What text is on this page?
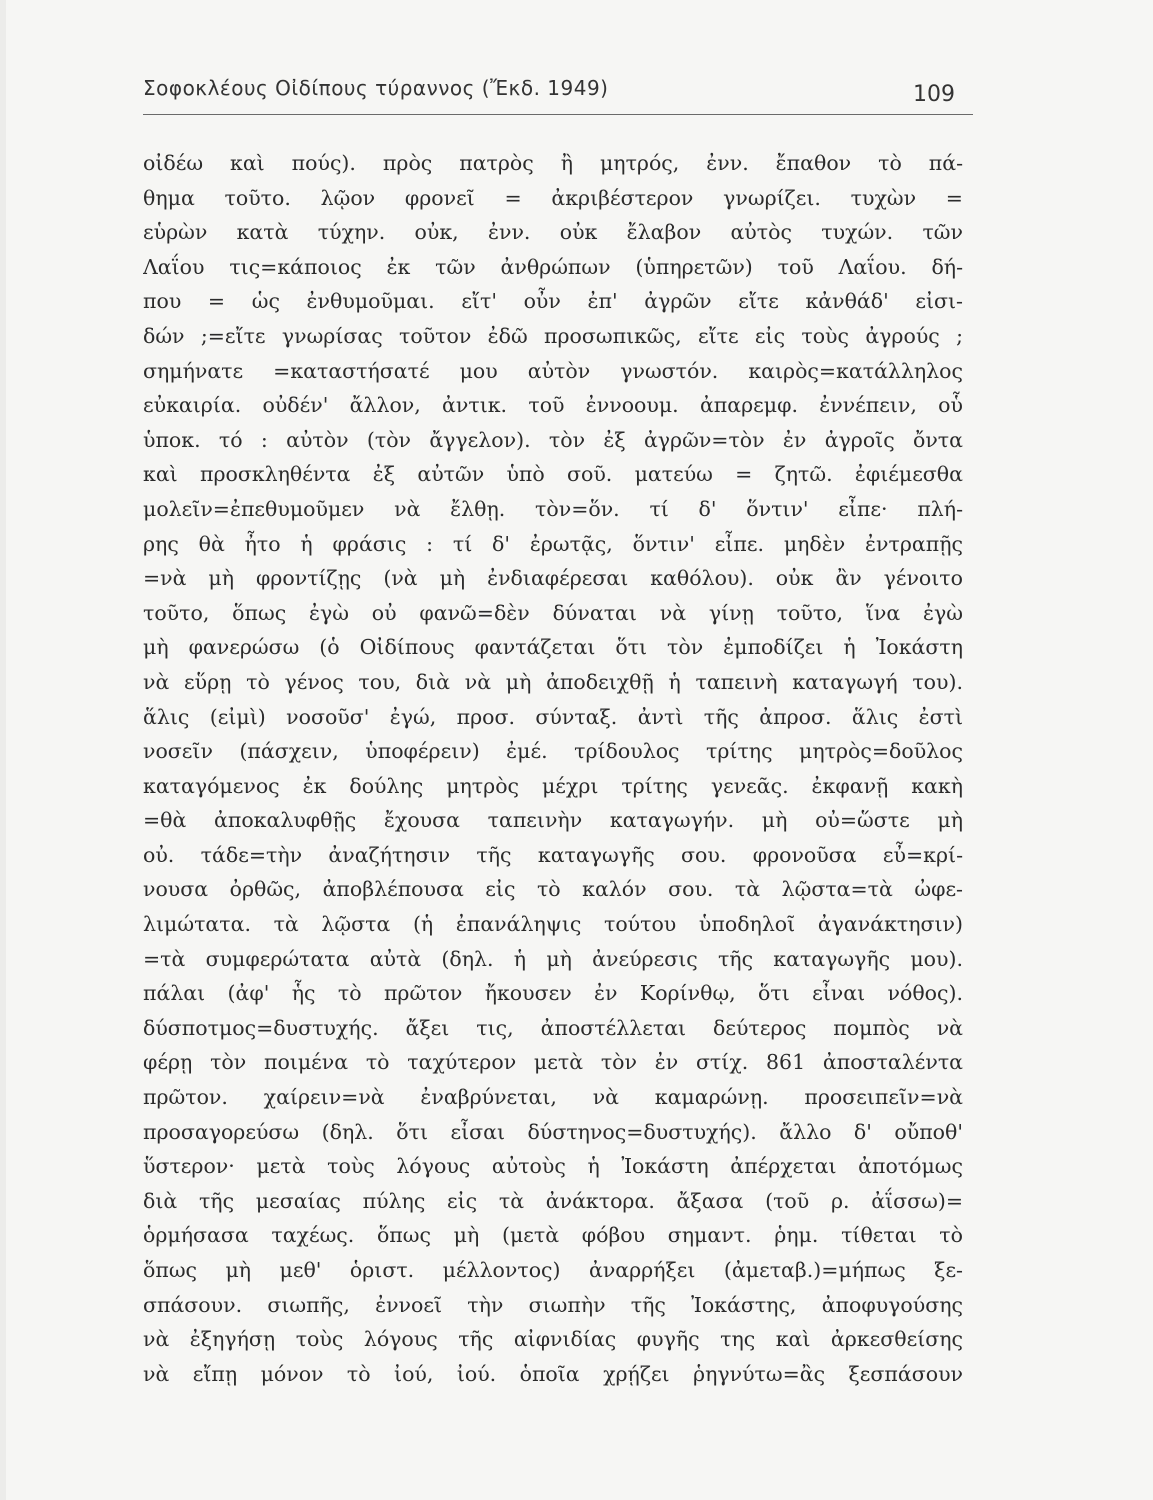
Σοφοκλέους Οἰδίπους τύραννος (Ἔκδ. 1949)	109
οἰδέω καὶ πούς). πρὸς πατρὸς ἢ μητρός, ἐνν. ἔπαθον τὸ πά-
θημα τοῦτο. λῷον φρονεῖ = ἀκριβέστερον γνωρίζει. τυχὼν =
εὑρὼν κατὰ τύχην. οὐκ, ἐνν. οὐκ ἔλαβον αὐτὸς τυχών. τῶν
Λαΐου τις=κάποιος ἐκ τῶν ἀνθρώπων (ὑπηρετῶν) τοῦ Λαΐου. δή-
που = ὡς ἐνθυμοῦμαι. εἴτ' οὖν ἐπ' ἀγρῶν εἴτε κἀνθάδ' εἰσι-
δών ;=εἴτε γνωρίσας τοῦτον ἐδῶ προσωπικῶς, εἴτε εἰς τοὺς ἀγρούς ;
σημήνατε =καταστήσατέ μου αὐτὸν γνωστόν. καιρὸς=κατάλληλος
εὐκαιρία. οὐδέν' ἄλλον, ἀντικ. τοῦ ἐννοουμ. ἀπαρεμφ. ἐννέπειν, οὗ
ὑποκ. τό : αὐτὸν (τὸν ἄγγελον). τὸν ἐξ ἀγρῶν=τὸν ἐν ἀγροῖς ὄντα
καὶ προσκληθέντα ἐξ αὐτῶν ὑπὸ σοῦ. ματεύω = ζητῶ. ἐφιέμεσθα
μολεῖν=ἐπεθυμοῦμεν νὰ ἔλθῃ. τὸν=ὅν. τί δ' ὅντιν' εἶπε· πλή-
ρης θὰ ἦτο ἡ φράσις : τί δ' ἐρωτᾷς, ὅντιν' εἶπε. μηδὲν ἐντραπῇς
=νὰ μὴ φροντίζῃς (νὰ μὴ ἐνδιαφέρεσαι καθόλου). οὐκ ἂν γένοιτο
τοῦτο, ὅπως ἐγὼ οὐ φανῶ=δὲν δύναται νὰ γίνῃ τοῦτο, ἵνα ἐγὼ
μὴ φανερώσω (ὁ Οἰδίπους φαντάζεται ὅτι τὸν ἐμποδίζει ἡ Ἰοκάστη
νὰ εὕρῃ τὸ γένος του, διὰ νὰ μὴ ἀποδειχθῇ ἡ ταπεινὴ καταγωγή του).
ἅλις (εἰμὶ) νοσοῦσ' ἐγώ, προσ. σύνταξ. ἀντὶ τῆς ἀπροσ. ἅλις ἐστὶ
νοσεῖν (πάσχειν, ὑποφέρειν) ἐμέ. τρίδουλος τρίτης μητρὸς=δοῦλος
καταγόμενος ἐκ δούλης μητρὸς μέχρι τρίτης γενεᾶς. ἐκφανῇ κακὴ
=θὰ ἀποκαλυφθῇς ἔχουσα ταπεινὴν καταγωγήν. μὴ οὐ=ὥστε μὴ
οὐ. τάδε=τὴν ἀναζήτησιν τῆς καταγωγῆς σου. φρονοῦσα εὖ=κρί-
νουσα ὀρθῶς, ἀποβλέπουσα εἰς τὸ καλόν σου. τὰ λῷστα=τὰ ὠφε-
λιμώτατα. τὰ λῷστα (ἡ ἐπανάληψις τούτου ὑποδηλοῖ ἀγανάκτησιν)
=τὰ συμφερώτατα αὐτὰ (δηλ. ἡ μὴ ἀνεύρεσις τῆς καταγωγῆς μου).
πάλαι (ἀφ' ἧς τὸ πρῶτον ἤκουσεν ἐν Κορίνθῳ, ὅτι εἶναι νόθος).
δύσποτμος=δυστυχής. ἄξει τις, ἀποστέλλεται δεύτερος πομπὸς νὰ
φέρῃ τὸν ποιμένα τὸ ταχύτερον μετὰ τὸν ἐν στίχ. 861 ἀποσταλέντα
πρῶτον. χαίρειν=νὰ ἐναβρύνεται, νὰ καμαρώνῃ. προσειπεῖν=νὰ
προσαγορεύσω (δηλ. ὅτι εἶσαι δύστηνος=δυστυχής). ἄλλο δ' οὔποθ'
ὕστερον· μετὰ τοὺς λόγους αὐτοὺς ἡ Ἰοκάστη ἀπέρχεται ἀποτόμως
διὰ τῆς μεσαίας πύλης εἰς τὰ ἀνάκτορα. ἄξασα (τοῦ ρ. ἀΐσσω)=
ὁρμήσασα ταχέως. ὅπως μὴ (μετὰ φόβου σημαντ. ῥημ. τίθεται τὸ
ὅπως μὴ μεθ' ὁριστ. μέλλοντος) ἀναρρήξει (ἀμεταβ.)=μήπως ξε-
σπάσουν. σιωπῆς, ἐννοεῖ τὴν σιωπὴν τῆς Ἰοκάστης, ἀποφυγούσης
νὰ ἐξηγήσῃ τοὺς λόγους τῆς αἰφνιδίας φυγῆς της καὶ ἀρκεσθείσης
νὰ εἴπῃ μόνον τὸ ἰού, ἰού. ὁποῖα χρῄζει ῥηγνύτω=ἂς ξεσπάσουν
